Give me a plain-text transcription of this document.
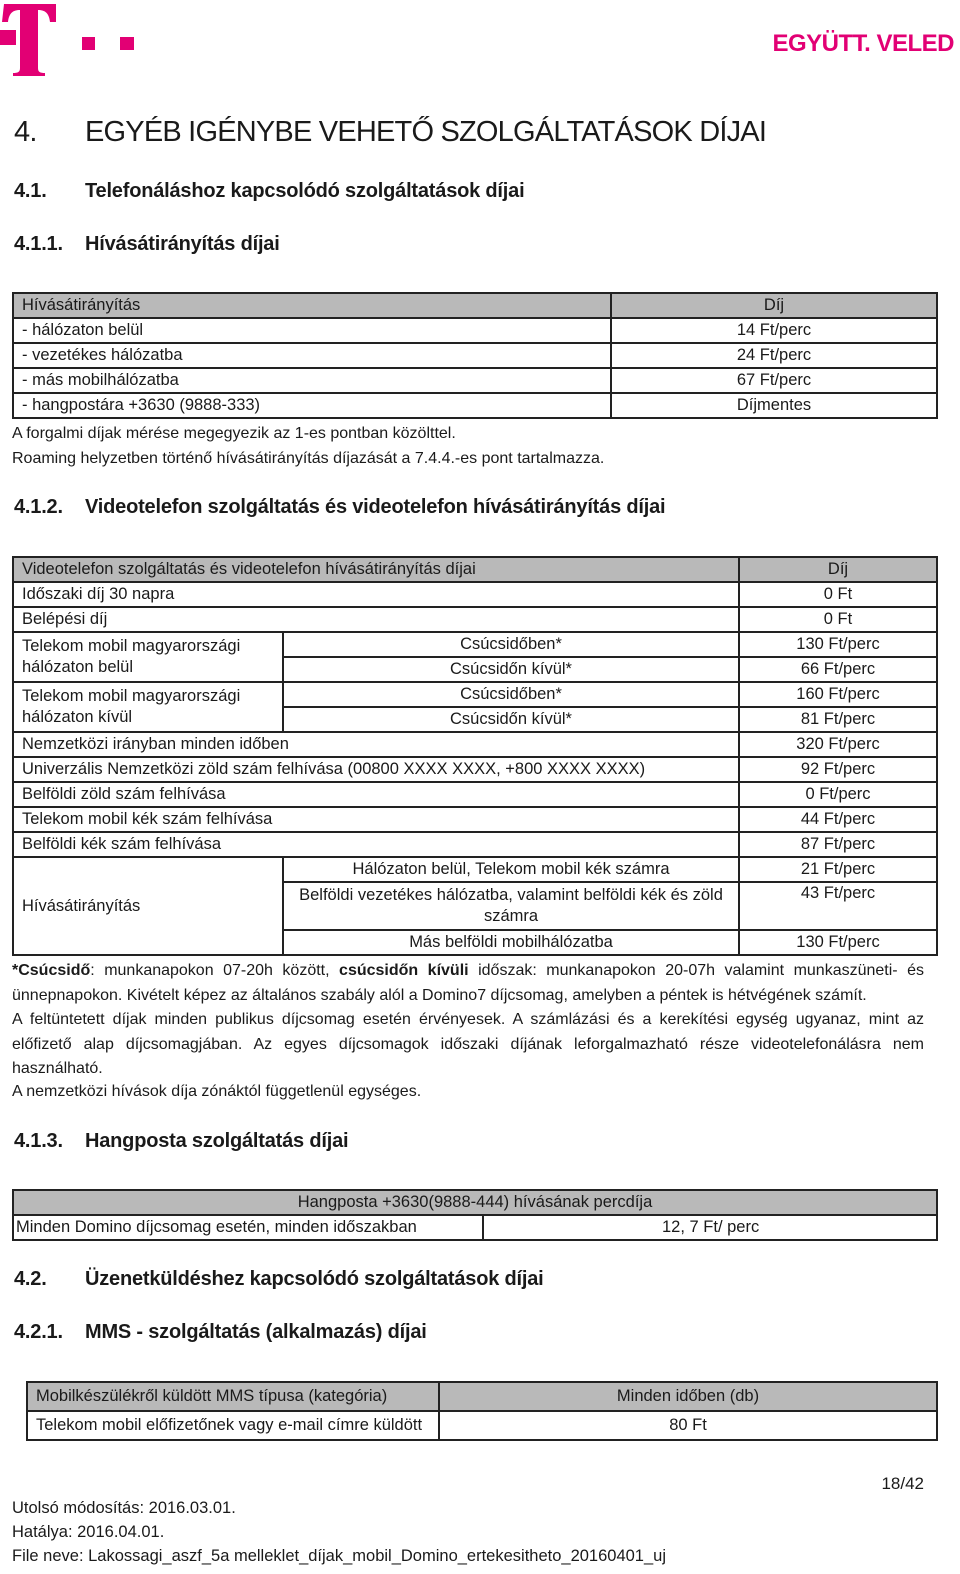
EGYÜTT. VELED
4. EGYÉB IGÉNYBE VEHETŐ SZOLGÁLTATÁSOK DÍJAI
4.1. Telefonáláshoz kapcsolódó szolgáltatások díjai
4.1.1. Hívásátirányítás díjai
Hívásátirányítás	Díj
- hálózaton belül	14 Ft/perc
- vezetékes hálózatba	24 Ft/perc
- más mobilhálózatba	67 Ft/perc
- hangpostára +3630 (9888-333)	Díjmentes
A forgalmi díjak mérése megegyezik az 1-es pontban közölttel.
Roaming helyzetben történő hívásátirányítás díjazását a 7.4.4.-es pont tartalmazza.
4.1.2. Videotelefon szolgáltatás és videotelefon hívásátirányítás díjai
Videotelefon szolgáltatás és videotelefon hívásátirányítás díjai		Díj
Időszaki díj 30 napra		0 Ft
Belépési díj		0 Ft
Telekom mobil magyarországi hálózaton belül	Csúcsidőben*	130 Ft/perc
	Csúcsidőn kívül*	66 Ft/perc
Telekom mobil magyarországi hálózaton kívül	Csúcsidőben*	160 Ft/perc
	Csúcsidőn kívül*	81 Ft/perc
Nemzetközi irányban minden időben		320 Ft/perc
Univerzális Nemzetközi zöld szám felhívása (00800 XXXX XXXX, +800 XXXX XXXX)		92 Ft/perc
Belföldi zöld szám felhívása		0 Ft/perc
Telekom mobil kék szám felhívása		44 Ft/perc
Belföldi kék szám felhívása		87 Ft/perc
Hívásátirányítás	Hálózaton belül, Telekom mobil kék számra	21 Ft/perc
	Belföldi vezetékes hálózatba, valamint belföldi kék és zöld számra	43 Ft/perc
	Más belföldi mobilhálózatba	130 Ft/perc
*Csúcsidő: munkanapokon 07-20h között, csúcsidőn kívüli időszak: munkanapokon 20-07h valamint munkaszüneti- és ünnepnapokon. Kivételt képez az általános szabály alól a Domino7 díjcsomag, amelyben a péntek is hétvégének számít.
A feltüntetett díjak minden publikus díjcsomag esetén érvényesek. A számlázási és a kerekítési egység ugyanaz, mint az előfizető alap díjcsomagjában. Az egyes díjcsomagok időszaki díjának leforgalmazható része videotelefonálásra nem használható.
A nemzetközi hívások díja zónáktól függetlenül egységes.
4.1.3. Hangposta szolgáltatás díjai
Hangposta +3630(9888-444) hívásának percdíja
Minden Domino díjcsomag esetén, minden időszakban	12, 7 Ft/ perc
4.2. Üzenetküldéshez kapcsolódó szolgáltatások díjai
4.2.1. MMS - szolgáltatás (alkalmazás) díjai
Mobilkészülékről küldött MMS típusa (kategória)	Minden időben (db)
Telekom mobil előfizetőnek vagy e-mail címre küldött	80 Ft
18/42
Utolsó módosítás: 2016.03.01.
Hatálya: 2016.04.01.
File neve: Lakossagi_aszf_5a melleklet_díjak_mobil_Domino_ertekesitheto_20160401_uj
